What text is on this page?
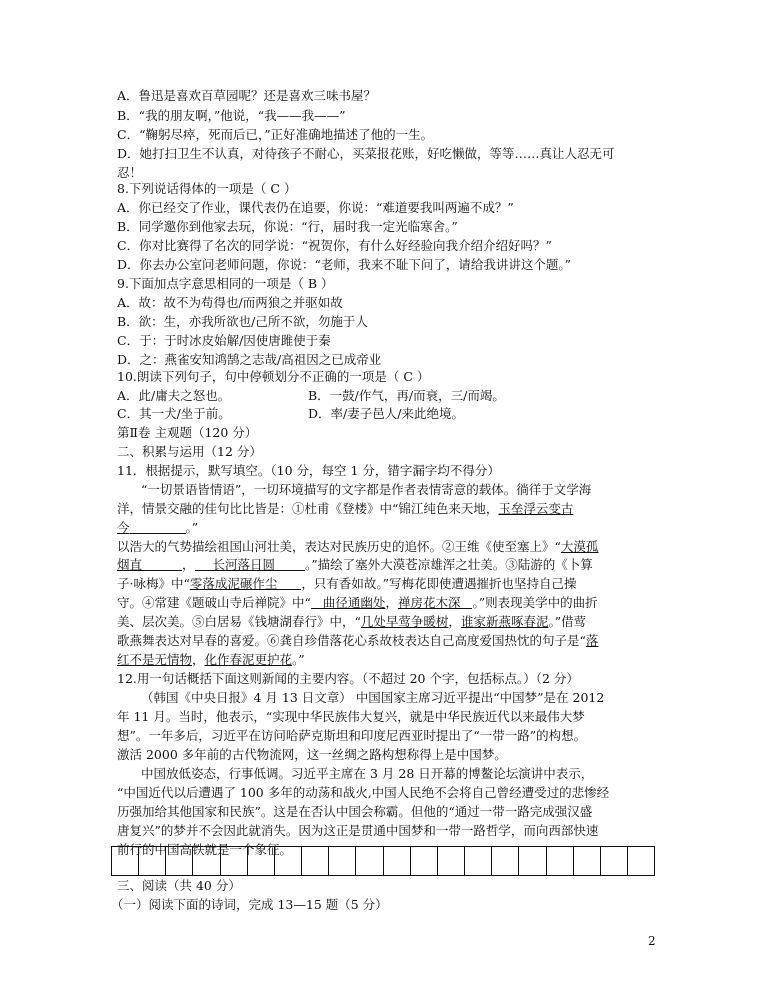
A．鲁迅是喜欢百草园呢？还是喜欢三味书屋？
B．“我的朋友啊，”他说，“我——我——”
C．“鞠躬尽瘁，死而后已，”正好准确地描述了他的一生。
D．她打扫卫生不认真，对待孩子不耐心，买菜报花账，好吃懒做，等等……真让人忍无可
忍！
8.下列说话得体的一项是（ C ）
A．你已经交了作业，课代表仍在追要，你说：“难道要我叫两遍不成？”
B．同学邀你到他家去玩，你说：“行，届时我一定光临寒舍。”
C．你对比赛得了名次的同学说：“祝贺你，有什么好经验向我介绍介绍好吗？”
D．你去办公室问老师问题，你说：“老师，我来不耻下问了，请给我讲讲这个题。”
9.下面加点字意思相同的一项是（ B ）
A．故：故不为苟得也/而两狼之并驱如故
B．欲：生，亦我所欲也/己所不欲，勿施于人
C．于：于时冰皮始解/因使唐雎使于秦
D．之：燕雀安知鸿鹄之志哉/高祖因之已成帝业
10.朗读下列句子，句中停顿划分不正确的一项是（ C ）
A．此/庸夫之怒也。	B．一鼓/作气，再/而衰，三/而竭。
C．其一犬/坐于前。	D．率/妻子邑人/来此绝境。
第Ⅱ卷 主观题（120 分）
二、积累与运用（12 分）
11．根据提示，默写填空。（10 分，每空 1 分，错字漏字均不得分）
“一切景语皆情语”，一切环境描写的文字都是作者表情寄意的载体。徜徉于文学海
洋，情景交融的佳句比比皆是：①杜甫《登楼》中“锦江纯色来天地，玉垒浮云变古
今	。”
以浩大的气势描绘祖国山河壮美，表达对民族历史的追怀。②王维《使至塞上》“大漠孤
烟直	， 长河落日圆 。”描绘了塞外大漠苍凉雄浑之壮美。③陆游的《卜算
子·咏梅》中“零落成泥碾作尘 ，只有香如故。”写梅花即使遭遇摧折也坚持自己操
守。④常建《题破山寺后禅院》中“ 曲径通幽处，禅房花木深 。”则表现美学中的曲折
美、层次美。⑤白居易《钱塘湖春行》中，“几处早莺争暖树，谁家新燕啄春泥。”借莺
歌燕舞表达对早春的喜爱。⑥龚自珍借落花心系故枝表达自己高度爱国热忱的句子是“落
红不是无情物，化作春泥更护花。”
12.用一句话概括下面这则新闻的主要内容。（不超过 20 个字，包括标点。）（2 分）
（韩国《中央日报》4 月 13 日文章） 中国国家主席习近平提出“中国梦”是在 2012
年 11 月。当时，他表示，“实现中华民族伟大复兴，就是中华民族近代以来最伟大梦
想”。一年多后，习近平在访问哈萨克斯坦和印度尼西亚时提出了“一带一路”的构想。
激活 2000 多年前的古代物流网，这一丝绸之路构想称得上是中国梦。
中国放低姿态，行事低调。习近平主席在 3 月 28 日开幕的博鳌论坛演讲中表示，
“中国近代以后遭遇了 100 多年的动荡和战火,中国人民绝不会将自己曾经遭受过的悲惨经
历强加给其他国家和民族”。这是在否认中国会称霸。但他的“通过一带一路完成强汉盛
唐复兴”的梦并不会因此就消失。因为这正是贯通中国梦和一带一路哲学，而向西部快速
前行的中国高铁就是一个象征。
三、阅读（共 40 分）
（一）阅读下面的诗词，完成 13—15 题（5 分）
2
